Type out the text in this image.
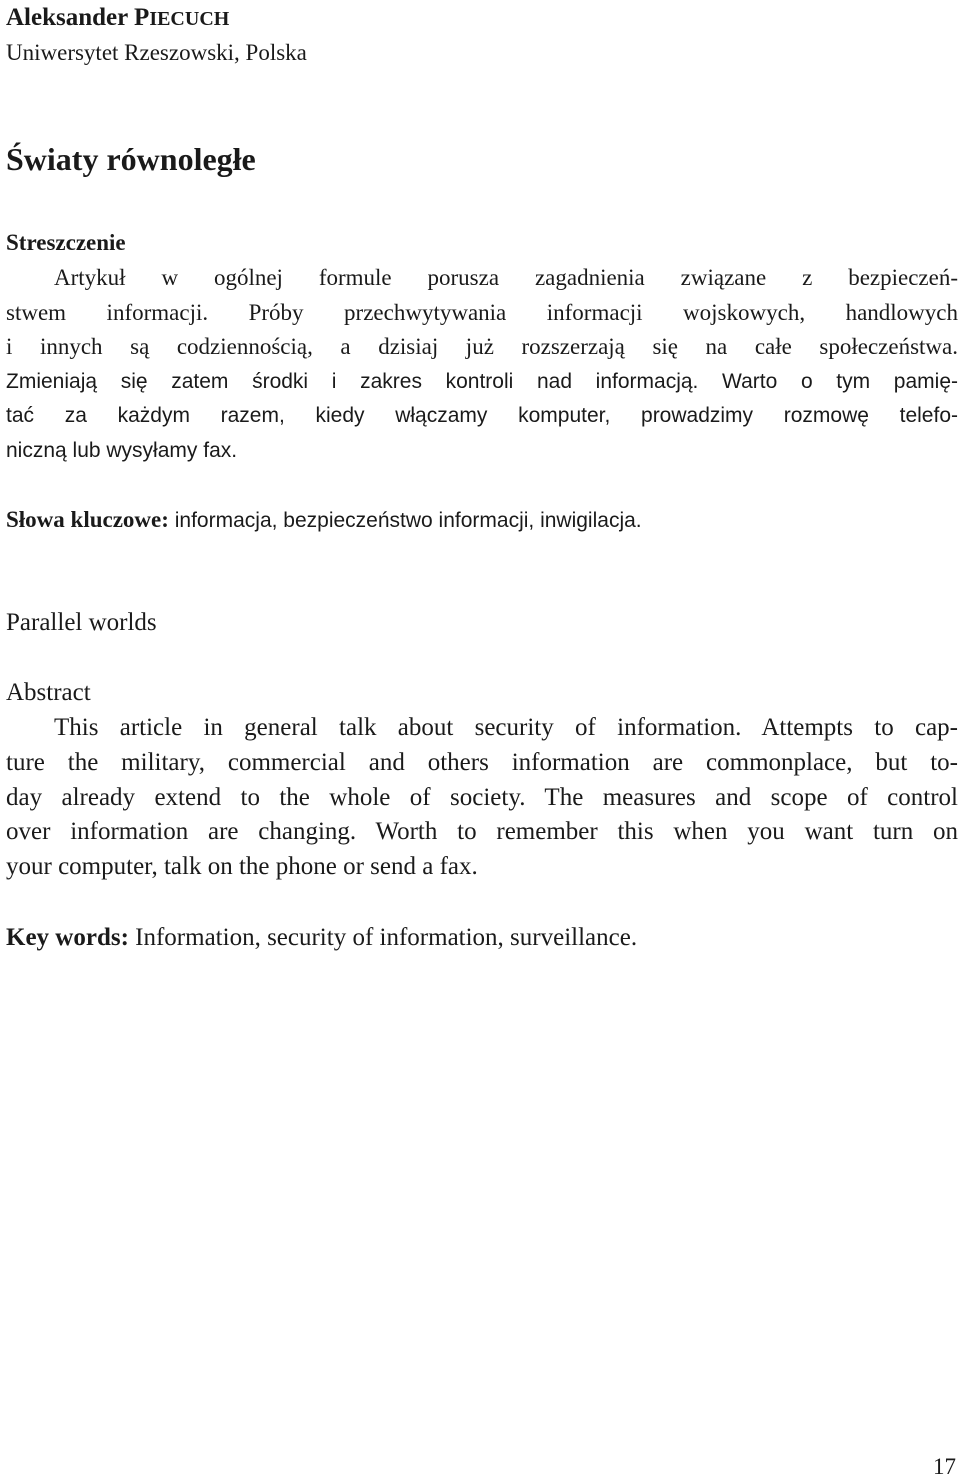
Aleksander PIECUCH
Uniwersytet Rzeszowski, Polska
Światy równoległe
Streszczenie
Artykuł w ogólnej formule porusza zagadnienia związane z bezpieczeń-
stwem informacji. Próby przechwytywania informacji wojskowych, handlowych
i innych są codziennością, a dzisiaj już rozszerzają się na całe społeczeństwa.
Zmieniają się zatem środki i zakres kontroli nad informacją. Warto o tym pamię-
tać za każdym razem, kiedy włączamy komputer, prowadzimy rozmowę telefo-
niczną lub wysyłamy fax.
Słowa kluczowe: informacja, bezpieczeństwo informacji, inwigilacja.
Parallel worlds
Abstract
This article in general talk about security of information. Attempts to cap-
ture the military, commercial and others information are commonplace, but to-
day already extend to the whole of society. The measures and scope of control
over information are changing. Worth to remember this when you want turn on
your computer, talk on the phone or send a fax.
Key words: Information, security of information, surveillance.
17
